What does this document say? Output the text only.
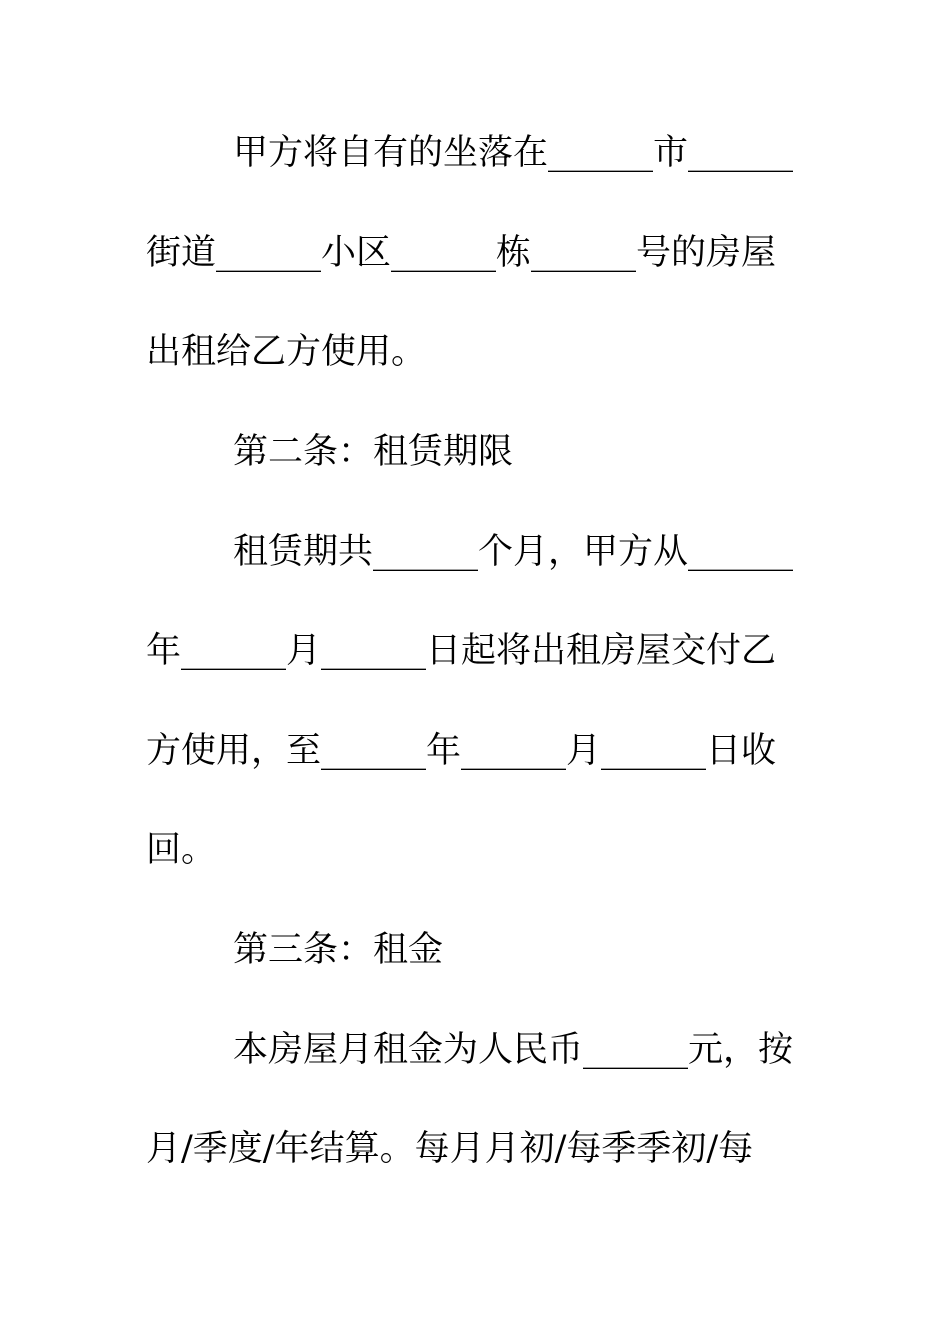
甲方将自有的坐落在______市______
街道______小区______栋______号的房屋
出租给乙方使用。
第二条：租赁期限
租赁期共______个月，甲方从______
年______月______日起将出租房屋交付乙
方使用，至______年______月______日收
回。
第三条：租金
本房屋月租金为人民币______元，按
月/季度/年结算。每月月初/每季季初/每
